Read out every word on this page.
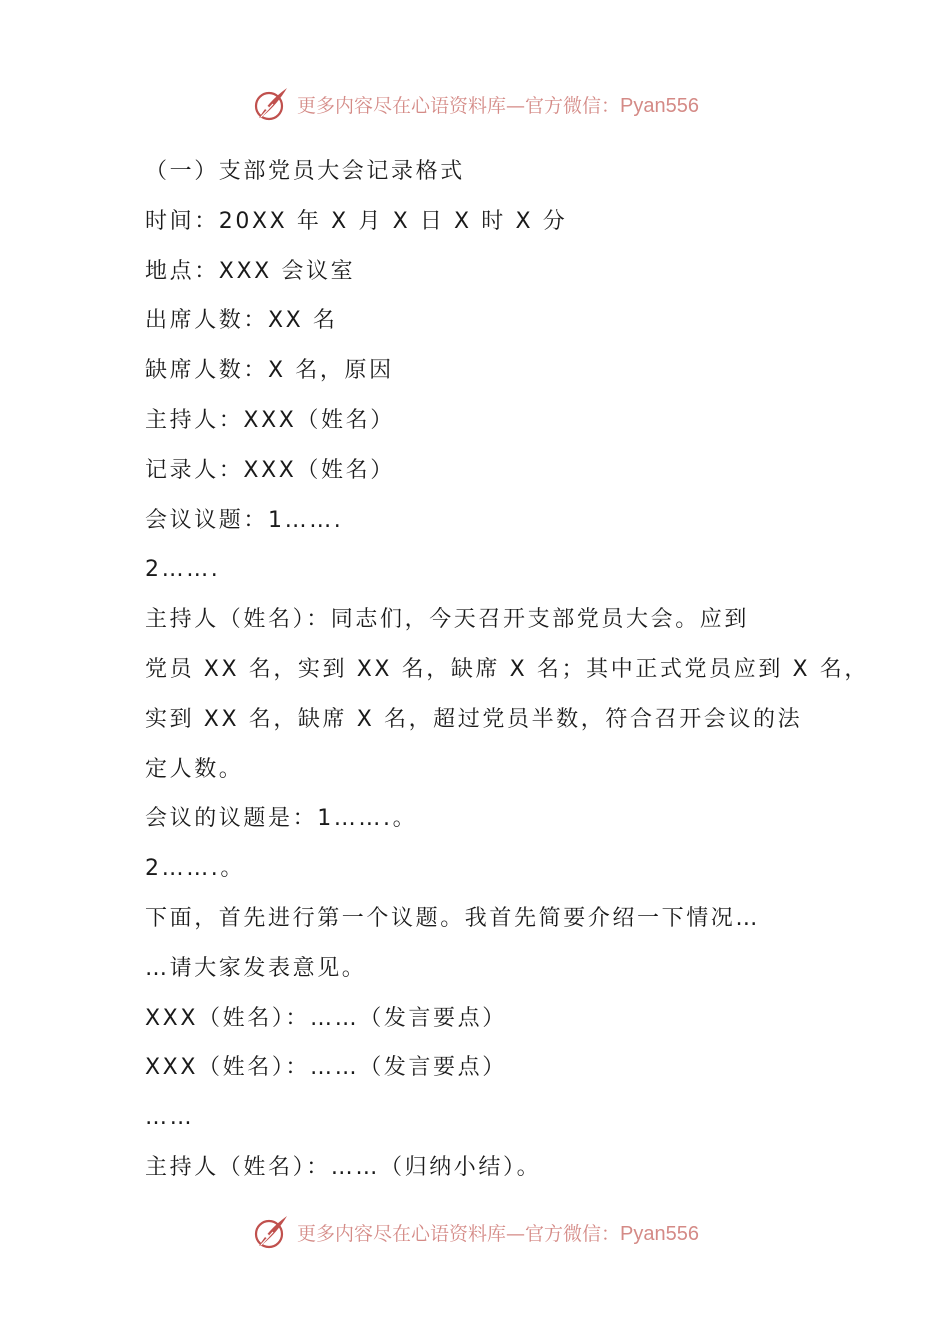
更多内容尽在心语资料库—官方微信：Pyan556
（一）支部党员大会记录格式
时间：20XX 年 X 月 X 日 X 时 X 分
地点：XXX 会议室
出席人数：XX 名
缺席人数：X 名，原因
主持人：XXX（姓名）
记录人：XXX（姓名）
会议议题：1…….
2…….
主持人（姓名）：同志们，今天召开支部党员大会。应到
党员 XX 名，实到 XX 名，缺席 X 名；其中正式党员应到 X 名，
实到 XX 名，缺席 X 名，超过党员半数，符合召开会议的法
定人数。
会议的议题是：1…….。
2…….。
下面，首先进行第一个议题。我首先简要介绍一下情况…
…请大家发表意见。
XXX（姓名）：……（发言要点）
XXX（姓名）：……（发言要点）
……
主持人（姓名）：……（归纳小结）。
更多内容尽在心语资料库—官方微信：Pyan556
